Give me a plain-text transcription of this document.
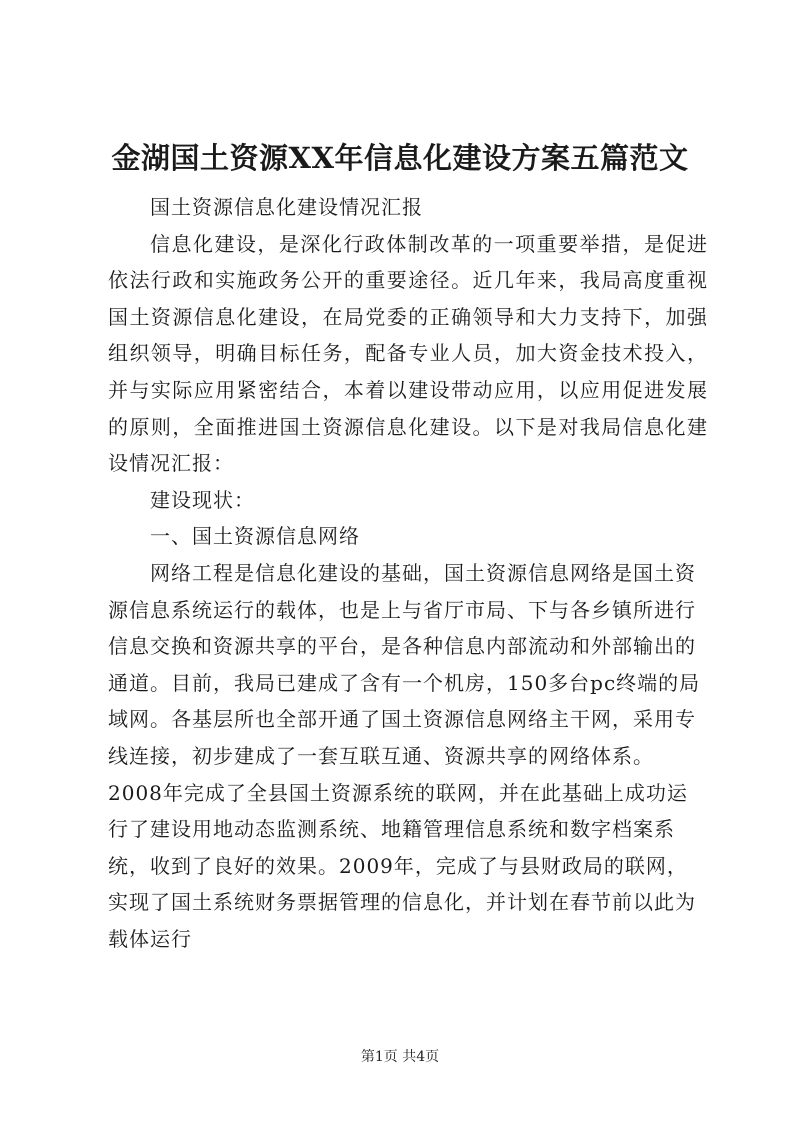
金湖国土资源XX年信息化建设方案五篇范文

国土资源信息化建设情况汇报

信息化建设，是深化行政体制改革的一项重要举措，是促进依法行政和实施政务公开的重要途径。近几年来，我局高度重视国土资源信息化建设，在局党委的正确领导和大力支持下，加强组织领导，明确目标任务，配备专业人员，加大资金技术投入，并与实际应用紧密结合，本着以建设带动应用，以应用促进发展的原则，全面推进国土资源信息化建设。以下是对我局信息化建设情况汇报：

建设现状：

一、国土资源信息网络

网络工程是信息化建设的基础，国土资源信息网络是国土资源信息系统运行的载体，也是上与省厅市局、下与各乡镇所进行信息交换和资源共享的平台，是各种信息内部流动和外部输出的通道。目前，我局已建成了含有一个机房，150多台pc终端的局域网。各基层所也全部开通了国土资源信息网络主干网，采用专线连接，初步建成了一套互联互通、资源共享的网络体系。2008年完成了全县国土资源系统的联网，并在此基础上成功运行了建设用地动态监测系统、地籍管理信息系统和数字档案系统，收到了良好的效果。2009年，完成了与县财政局的联网，实现了国土系统财务票据管理的信息化，并计划在春节前以此为载体运行

第1页 共4页
